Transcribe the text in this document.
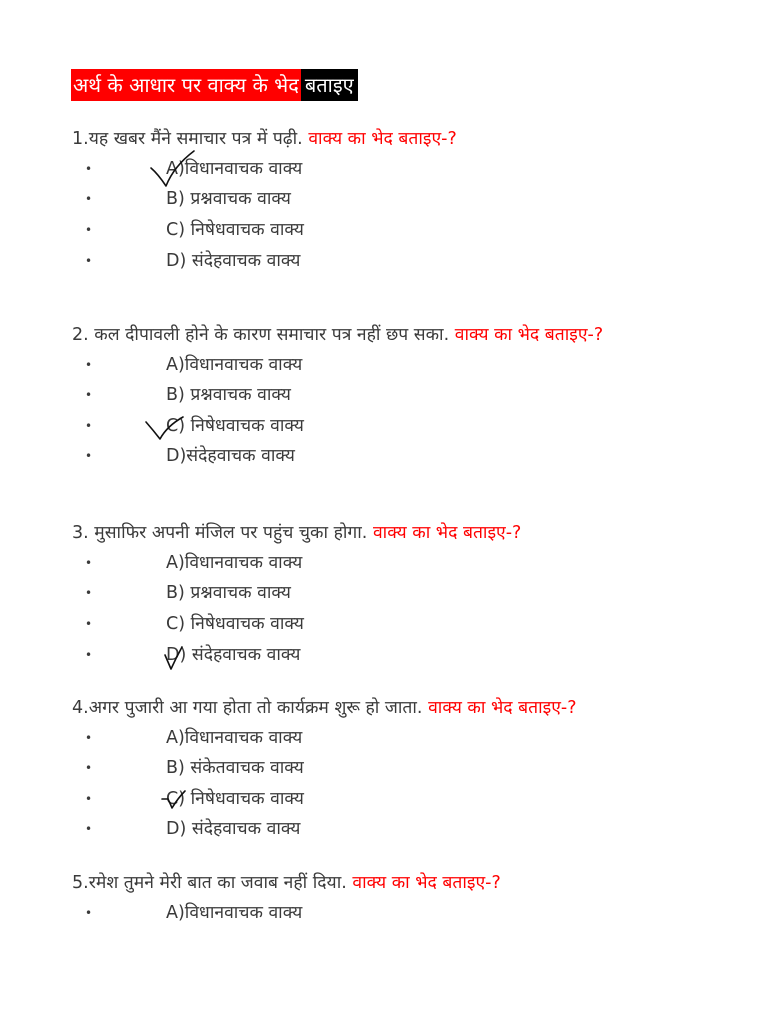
अर्थ के आधार पर वाक्य के भेद बताइए
1.यह खबर मैंने समाचार पत्र में पढ़ी. वाक्य का भेद बताइए-?
•	A)विधानवाचक वाक्य
•	B) प्रश्नवाचक वाक्य
•	C) निषेधवाचक वाक्य
•	D) संदेहवाचक वाक्य
2. कल दीपावली होने के कारण समाचार पत्र नहीं छप सका. वाक्य का भेद बताइए-?
•	A)विधानवाचक वाक्य
•	B) प्रश्नवाचक वाक्य
•	C) निषेधवाचक वाक्य
•	D)संदेहवाचक वाक्य
3. मुसाफिर अपनी मंजिल पर पहुंच चुका होगा. वाक्य का भेद बताइए-?
•	A)विधानवाचक वाक्य
•	B) प्रश्नवाचक वाक्य
•	C) निषेधवाचक वाक्य
•	D) संदेहवाचक वाक्य
4.अगर पुजारी आ गया होता तो कार्यक्रम शुरू हो जाता. वाक्य का भेद बताइए-?
•	A)विधानवाचक वाक्य
•	B) संकेतवाचक वाक्य
•	C) निषेधवाचक वाक्य
•	D) संदेहवाचक वाक्य
5.रमेश तुमने मेरी बात का जवाब नहीं दिया. वाक्य का भेद बताइए-?
•	A)विधानवाचक वाक्य
